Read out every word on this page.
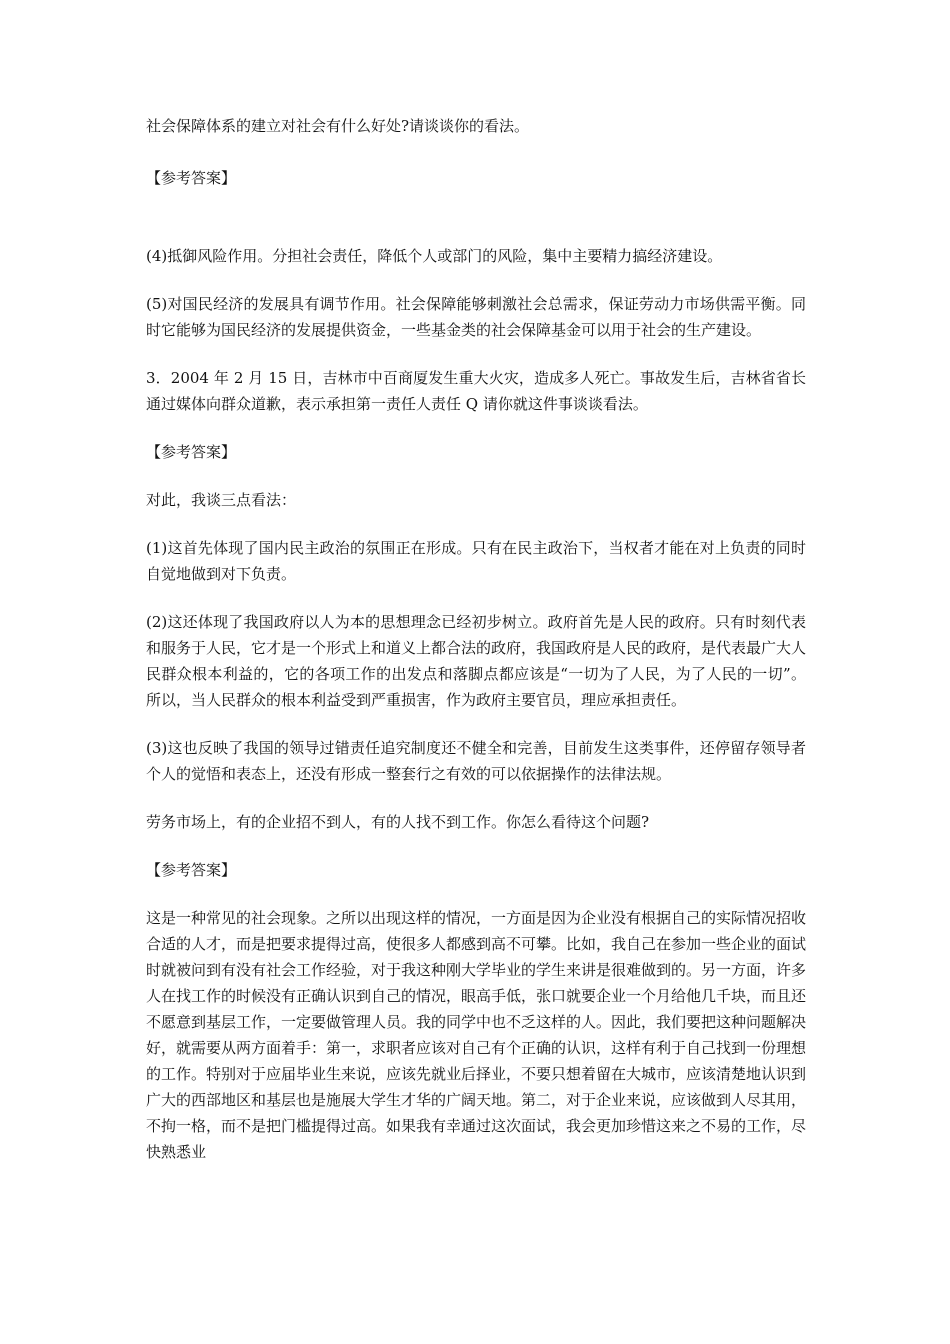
社会保障体系的建立对社会有什么好处?请谈谈你的看法。

【参考答案】

(4)抵御风险作用。分担社会责任，降低个人或部门的风险，集中主要精力搞经济建设。

(5)对国民经济的发展具有调节作用。社会保障能够刺激社会总需求，保证劳动力市场供需平衡。同时它能够为国民经济的发展提供资金，一些基金类的社会保障基金可以用于社会的生产建设。

3．2004 年 2 月 15 日，吉林市中百商厦发生重大火灾，造成多人死亡。事故发生后，吉林省省长通过媒体向群众道歉，表示承担第一责任人责任 Q 请你就这件事谈谈看法。

【参考答案】

对此，我谈三点看法：

(1)这首先体现了国内民主政治的氛围正在形成。只有在民主政治下，当权者才能在对上负责的同时自觉地做到对下负责。

(2)这还体现了我国政府以人为本的思想理念已经初步树立。政府首先是人民的政府。只有时刻代表和服务于人民，它才是一个形式上和道义上都合法的政府，我国政府是人民的政府，是代表最广大人民群众根本利益的，它的各项工作的出发点和落脚点都应该是“一切为了人民，为了人民的一切”。所以，当人民群众的根本利益受到严重损害，作为政府主要官员，理应承担责任。

(3)这也反映了我国的领导过错责任追究制度还不健全和完善，目前发生这类事件，还停留存领导者个人的觉悟和表态上，还没有形成一整套行之有效的可以依据操作的法律法规。

劳务市场上，有的企业招不到人，有的人找不到工作。你怎么看待这个问题?

【参考答案】

这是一种常见的社会现象。之所以出现这样的情况，一方面是因为企业没有根据自己的实际情况招收合适的人才，而是把要求提得过高，使很多人都感到高不可攀。比如，我自己在参加一些企业的面试时就被问到有没有社会工作经验，对于我这种刚大学毕业的学生来讲是很难做到的。另一方面，许多人在找工作的时候没有正确认识到自己的情况，眼高手低，张口就要企业一个月给他几千块，而且还不愿意到基层工作，一定要做管理人员。我的同学中也不乏这样的人。因此，我们要把这种问题解决好，就需要从两方面着手：第一，求职者应该对自己有个正确的认识，这样有利于自己找到一份理想的工作。特别对于应届毕业生来说，应该先就业后择业，不要只想着留在大城市，应该清楚地认识到广大的西部地区和基层也是施展大学生才华的广阔天地。第二，对于企业来说，应该做到人尽其用，不拘一格，而不是把门槛提得过高。如果我有幸通过这次面试，我会更加珍惜这来之不易的工作，尽快熟悉业
